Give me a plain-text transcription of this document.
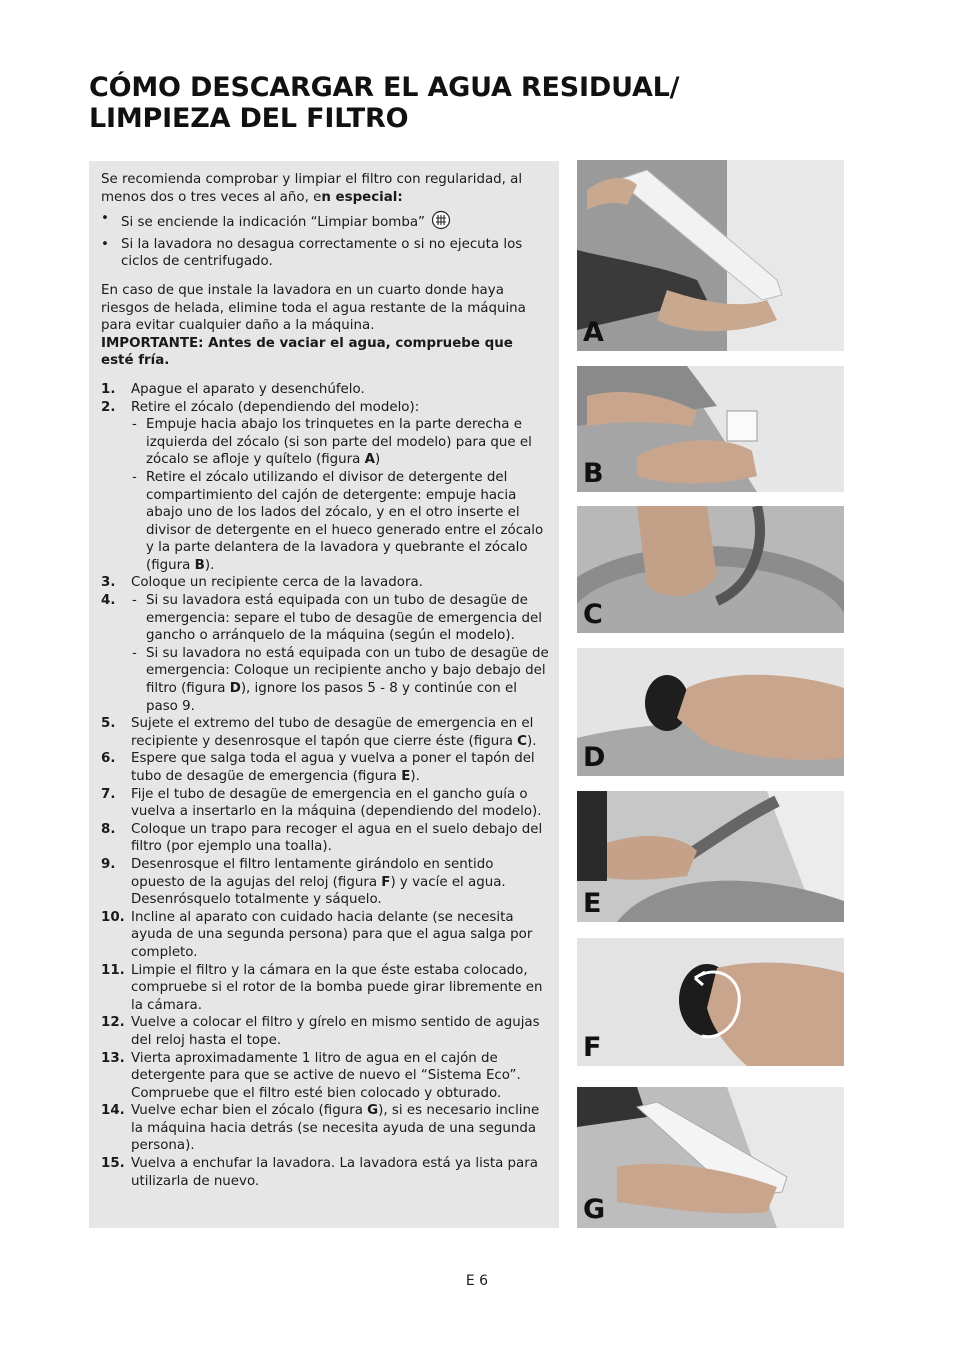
CÓMO DESCARGAR EL AGUA RESIDUAL/
LIMPIEZA DEL FILTRO

Se recomienda comprobar y limpiar el filtro con regularidad, al menos dos o tres veces al año, en especial:

• Si se enciende la indicación “Limpiar bomba”
• Si la lavadora no desagua correctamente o si no ejecuta los ciclos de centrifugado.

En caso de que instale la lavadora en un cuarto donde haya riesgos de helada, elimine toda el agua restante de la máquina para evitar cualquier daño a la máquina.

IMPORTANTE: Antes de vaciar el agua, compruebe que esté fría.

1. Apague el aparato y desenchúfelo.
2. Retire el zócalo (dependiendo del modelo):
- Empuje hacia abajo los trinquetes en la parte derecha e izquierda del zócalo (si son parte del modelo) para que el zócalo se afloje y quítelo (figura A)
- Retire el zócalo utilizando el divisor de detergente del compartimiento del cajón de detergente: empuje hacia abajo uno de los lados del zócalo, y en el otro inserte el divisor de detergente en el hueco generado entre el zócalo y la parte delantera de la lavadora y quebrante el zócalo (figura B).
3. Coloque un recipiente cerca de la lavadora.
4.
-	Si su lavadora está equipada con un tubo de desagüe de emergencia: separe el tubo de desagüe de emergencia del gancho o arránquelo de la máquina (según el modelo).
- Si su lavadora no está equipada con un tubo de desagüe de emergencia: Coloque un recipiente ancho y bajo debajo del filtro (figura D), ignore los pasos 5 - 8 y continúe con el paso 9.
5. Sujete el extremo del tubo de desagüe de emergencia en el recipiente y desenrosque el tapón que cierre éste (figura C).
6. Espere que salga toda el agua y vuelva a poner el tapón del tubo de desagüe de emergencia (figura E).
7. Fije el tubo de desagüe de emergencia en el gancho guía o vuelva a insertarlo en la máquina (dependiendo del modelo).
8. Coloque un trapo para recoger el agua en el suelo debajo del filtro (por ejemplo una toalla).
9. Desenrosque el filtro lentamente girándolo en sentido opuesto de la agujas del reloj (figura F) y vacíe el agua. Desenrósquelo totalmente y sáquelo.
10. Incline al aparato con cuidado hacia delante (se necesita ayuda de una segunda persona) para que el agua salga por completo.
11. Limpie el filtro y la cámara en la que éste estaba colocado, compruebe si el rotor de la bomba puede girar libremente en la cámara.
12. Vuelve a colocar el filtro y gírelo en mismo sentido de agujas del reloj hasta el tope.
13. Vierta aproximadamente 1 litro de agua en el cajón de detergente para que se active de nuevo el “Sistema Eco”. Compruebe que el filtro esté bien colocado y obturado.
14. Vuelve echar bien el zócalo (figura G), si es necesario incline la máquina hacia detrás (se necesita ayuda de una segunda persona).
15. Vuelva a enchufar la lavadora. La lavadora está ya lista para utilizarla de nuevo.
A
B
C
D
E
F
G
E 6
